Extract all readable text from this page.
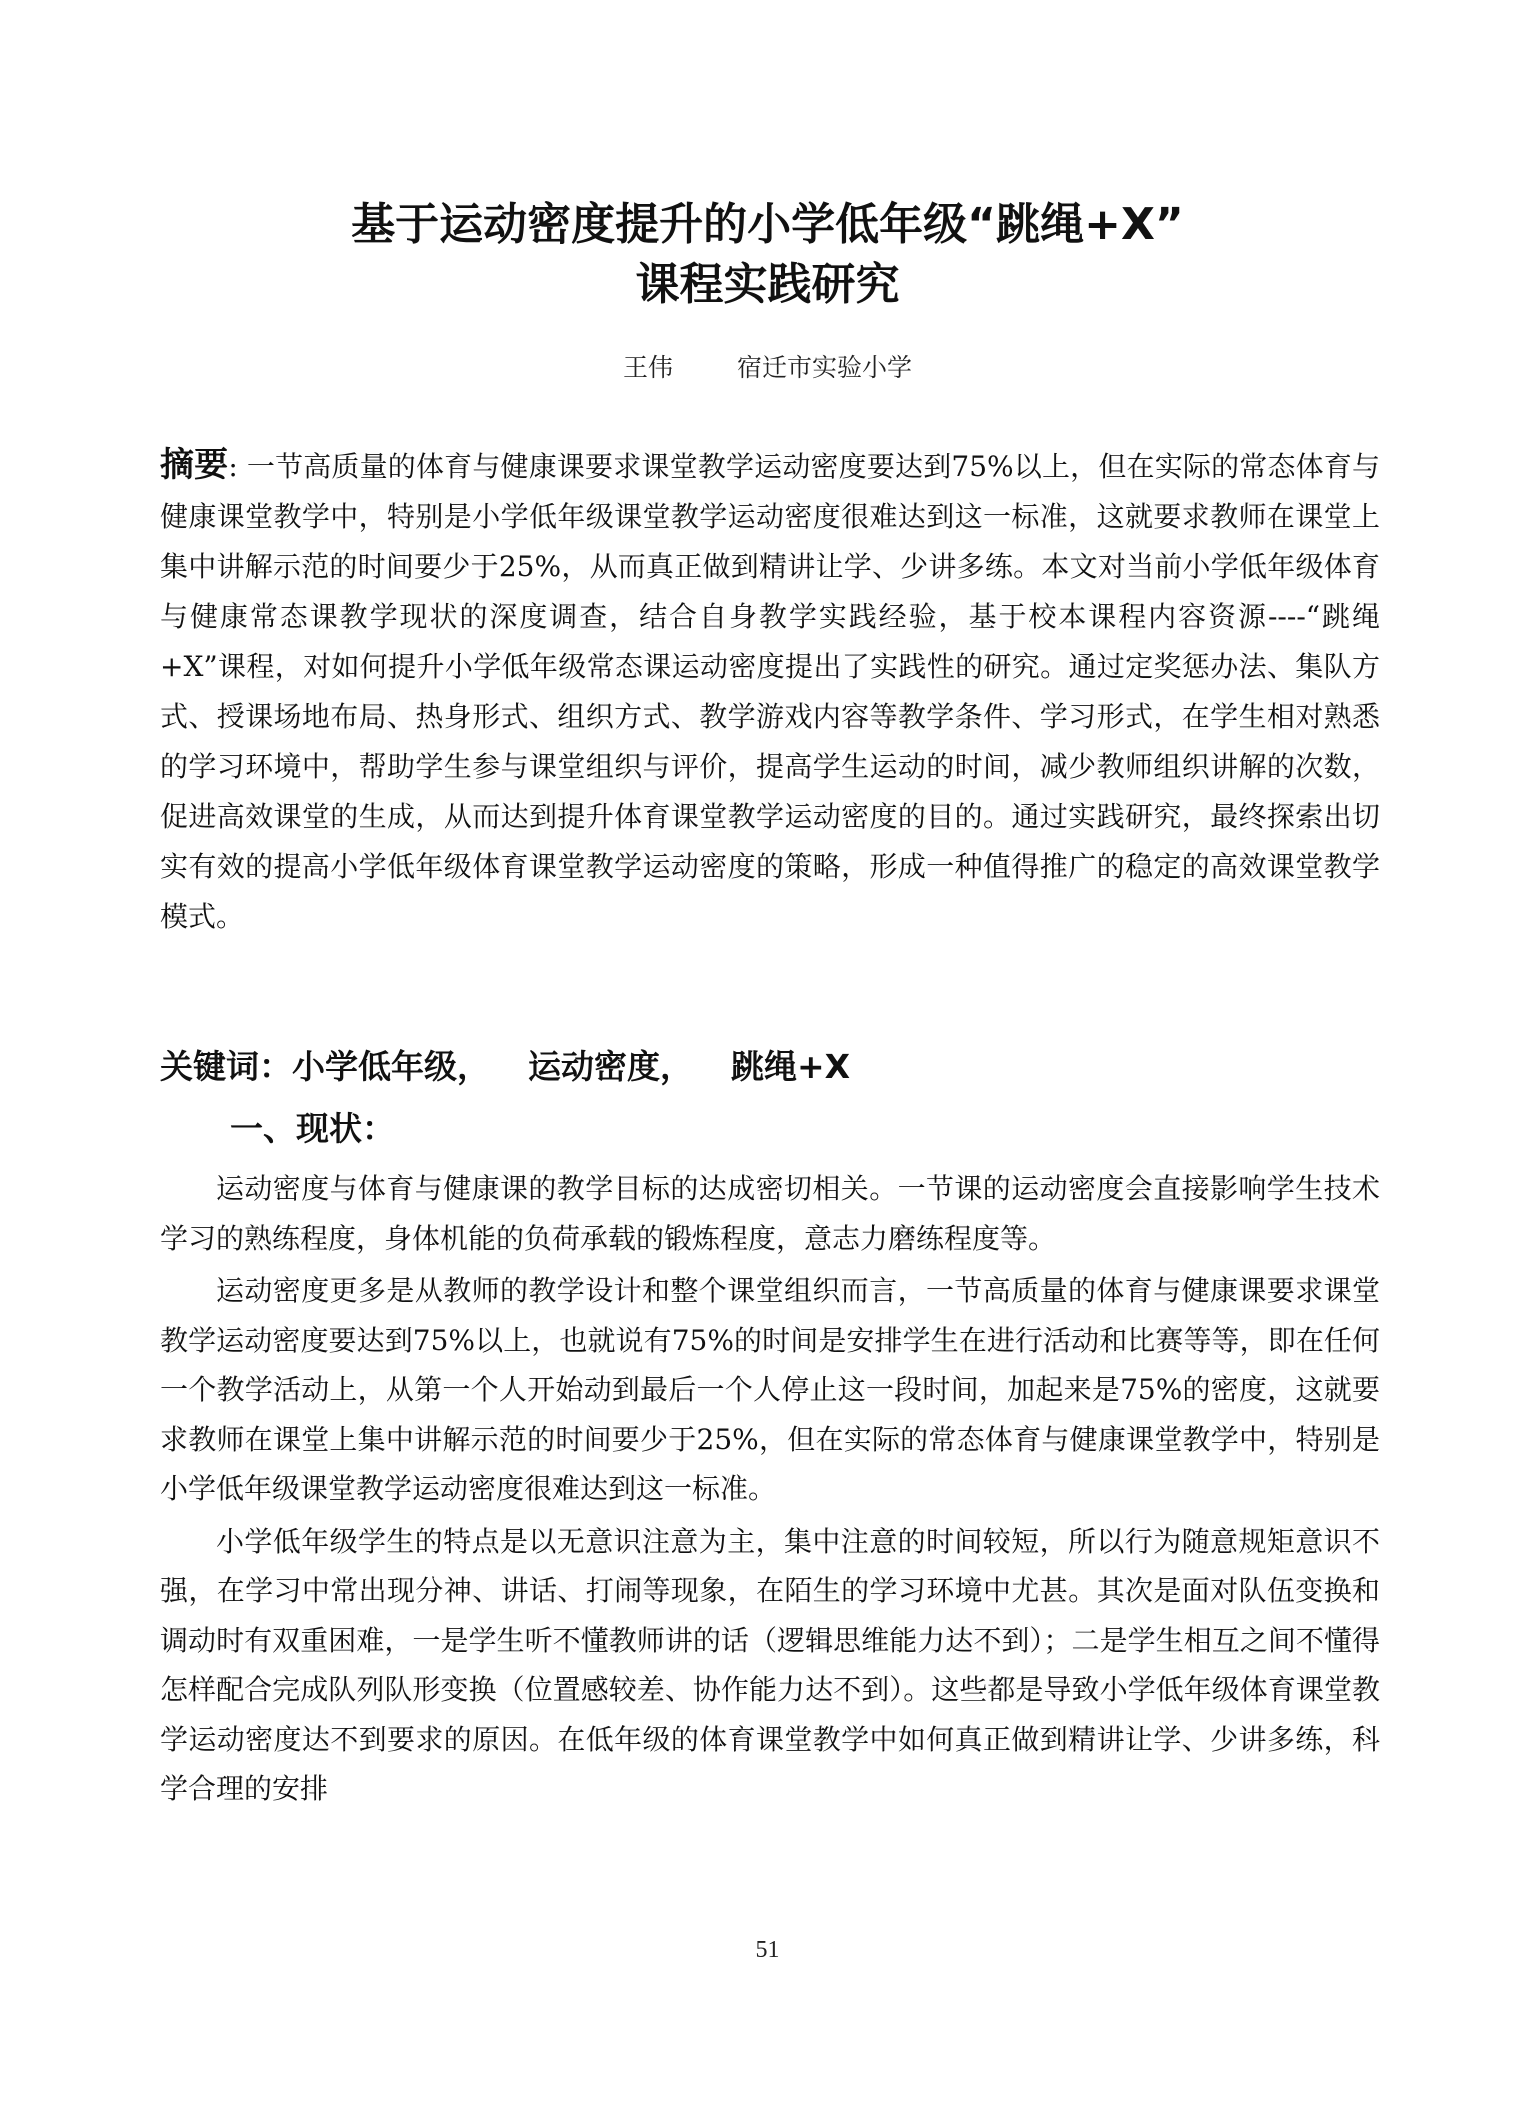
基于运动密度提升的小学低年级“跳绳+X”
课程实践研究
王伟	宿迁市实验小学
摘要: 一节高质量的体育与健康课要求课堂教学运动密度要达到75%以上，但在实际的常态体育与健康课堂教学中，特别是小学低年级课堂教学运动密度很难达到这一标准，这就要求教师在课堂上集中讲解示范的时间要少于25%，从而真正做到精讲让学、少讲多练。本文对当前小学低年级体育与健康常态课教学现状的深度调查，结合自身教学实践经验，基于校本课程内容资源----“跳绳+X”课程，对如何提升小学低年级常态课运动密度提出了实践性的研究。通过定奖惩办法、集队方式、授课场地布局、热身形式、组织方式、教学游戏内容等教学条件、学习形式，在学生相对熟悉的学习环境中，帮助学生参与课堂组织与评价，提高学生运动的时间，减少教师组织讲解的次数，促进高效课堂的生成，从而达到提升体育课堂教学运动密度的目的。通过实践研究，最终探索出切实有效的提高小学低年级体育课堂教学运动密度的策略，形成一种值得推广的稳定的高效课堂教学模式。
关键词：小学低年级， 运动密度， 跳绳+X
一、现状：

运动密度与体育与健康课的教学目标的达成密切相关。一节课的运动密度会直接影响学生技术学习的熟练程度，身体机能的负荷承载的锻炼程度，意志力磨练程度等。

运动密度更多是从教师的教学设计和整个课堂组织而言，一节高质量的体育与健康课要求课堂教学运动密度要达到75%以上，也就说有75%的时间是安排学生在进行活动和比赛等等，即在任何一个教学活动上，从第一个人开始动到最后一个人停止这一段时间，加起来是75%的密度，这就要求教师在课堂上集中讲解示范的时间要少于25%，但在实际的常态体育与健康课堂教学中，特别是小学低年级课堂教学运动密度很难达到这一标准。

小学低年级学生的特点是以无意识注意为主，集中注意的时间较短，所以行为随意规矩意识不强，在学习中常出现分神、讲话、打闹等现象，在陌生的学习环境中尤甚。其次是面对队伍变换和调动时有双重困难，一是学生听不懂教师讲的话（逻辑思维能力达不到）；二是学生相互之间不懂得怎样配合完成队列队形变换（位置感较差、协作能力达不到）。这些都是导致小学低年级体育课堂教学运动密度达不到要求的原因。在低年级的体育课堂教学中如何真正做到精讲让学、少讲多练，科学合理的安排

51
